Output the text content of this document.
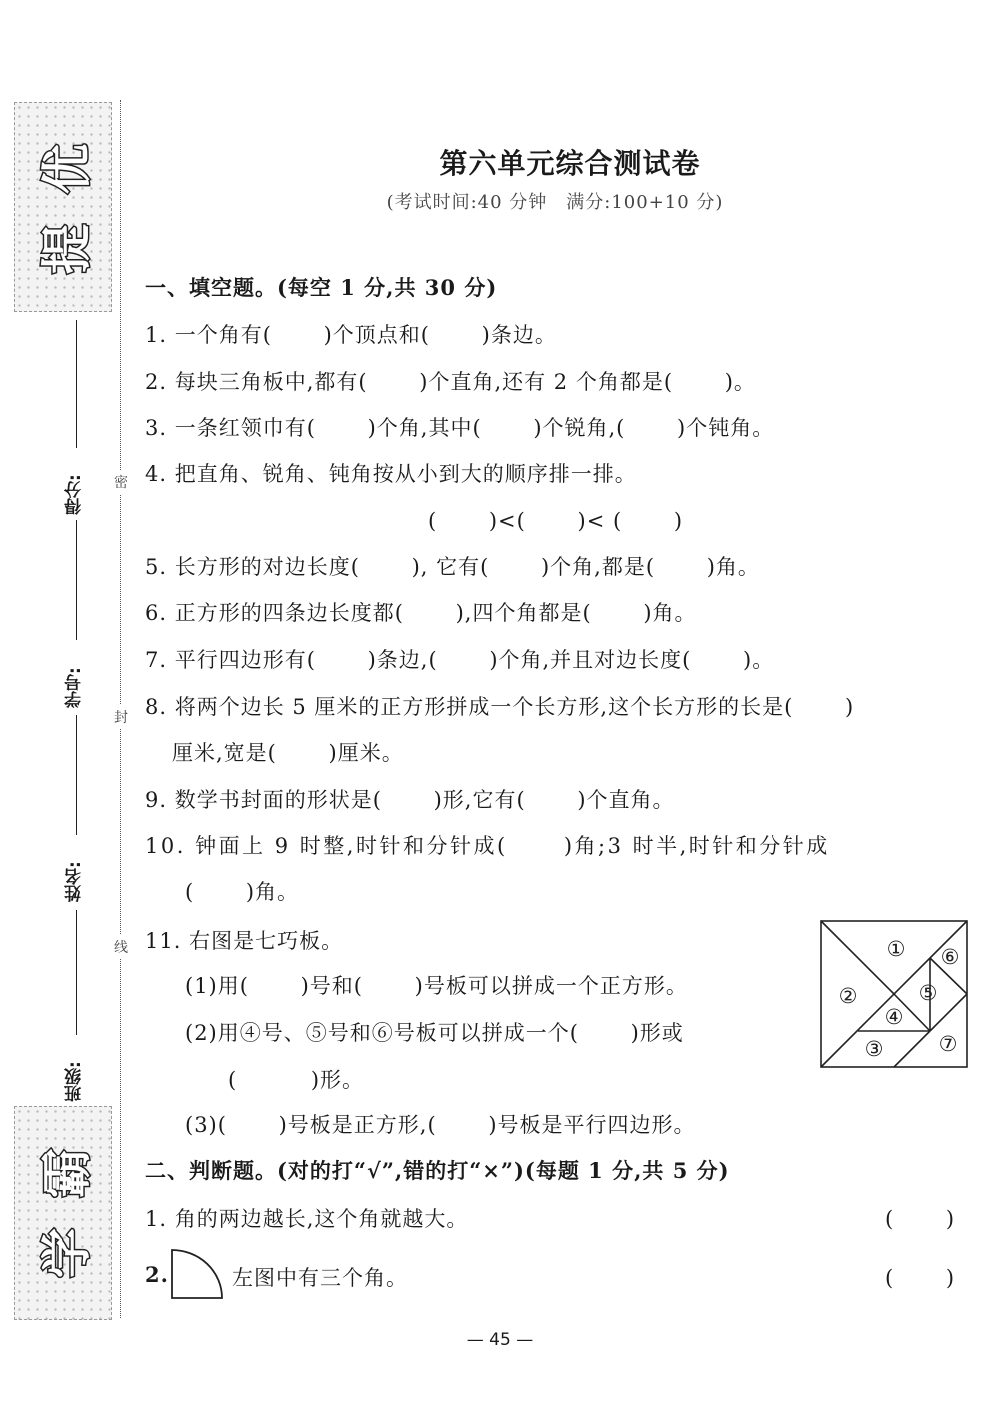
优
提
霸
学
密
封
线
得分:
学号:
姓名:
班级:
第六单元综合测试卷
(考试时间:40 分钟　满分:100+10 分)
一、填空题。(每空 1 分,共 30 分)
1. 一个角有(　　 )个顶点和(　　 )条边。
2. 每块三角板中,都有(　　 )个直角,还有 2 个角都是(　　 )。
3. 一条红领巾有(　　 )个角,其中(　　 )个锐角,(　　 )个钝角。
4. 把直角、锐角、钝角按从小到大的顺序排一排。
(　　 )<(　　 )< (　　 )
5. 长方形的对边长度(　　 ), 它有(　　 )个角,都是(　　 )角。
6. 正方形的四条边长度都(　　 ),四个角都是(　　 )角。
7. 平行四边形有(　　 )条边,(　　 )个角,并且对边长度(　　 )。
8. 将两个边长 5 厘米的正方形拼成一个长方形,这个长方形的长是(　　 )
厘米,宽是(　　 )厘米。
9. 数学书封面的形状是(　　 )形,它有(　　 )个直角。
10. 钟面上 9 时整,时针和分针成(　　 )角;3 时半,时针和分针成
(　　 )角。
11. 右图是七巧板。
(1)用(　　 )号和(　　 )号板可以拼成一个正方形。
(2)用④号、⑤号和⑥号板可以拼成一个(　　 )形或
(　　　 )形。
(3)(　　 )号板是正方形,(　　 )号板是平行四边形。
①
②
③
④
⑤
⑥
⑦
二、判断题。(对的打“√”,错的打“×”)(每题 1 分,共 5 分)
1. 角的两边越长,这个角就越大。	(　　 )
2.	左图中有三个角。	(　　 )
— 45 —
